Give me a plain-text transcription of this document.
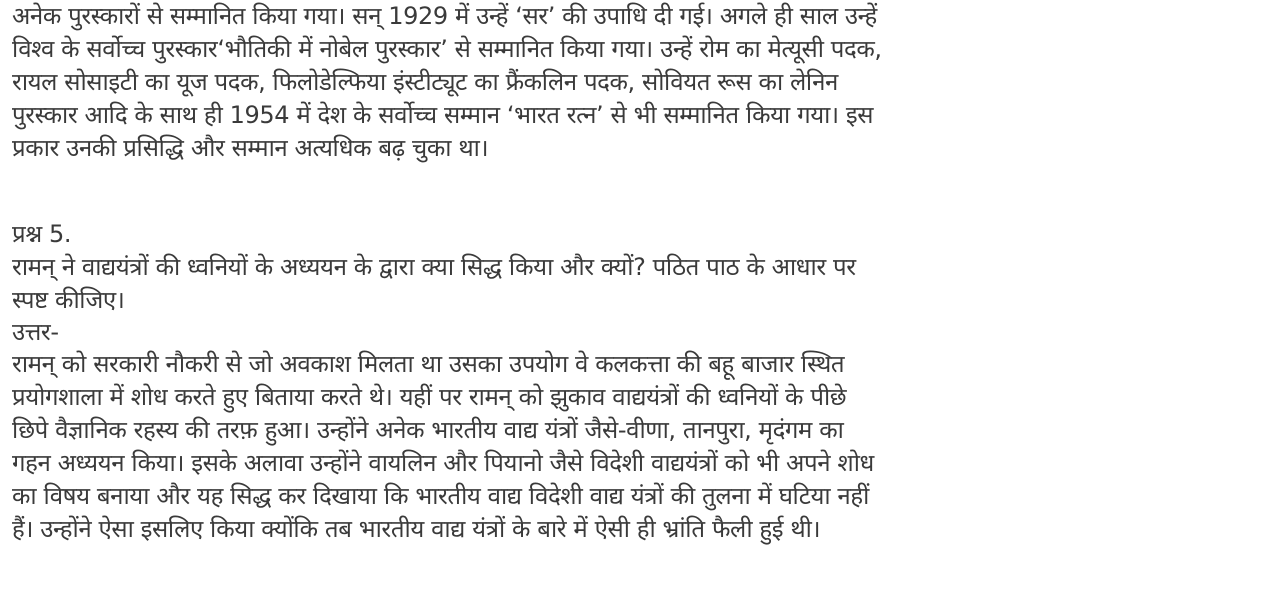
अनेक पुरस्कारों से सम्मानित किया गया। सन् 1929 में उन्हें ‘सर’ की उपाधि दी गई। अगले ही साल उन्हें
विश्व के सर्वोच्च पुरस्कार‘भौतिकी में नोबेल पुरस्कार’ से सम्मानित किया गया। उन्हें रोम का मेत्यूसी पदक,
रायल सोसाइटी का यूज पदक, फिलोडेल्फिया इंस्टीट्यूट का फ्रैंकलिन पदक, सोवियत रूस का लेनिन
पुरस्कार आदि के साथ ही 1954 में देश के सर्वोच्च सम्मान ‘भारत रत्न’ से भी सम्मानित किया गया। इस
प्रकार उनकी प्रसिद्धि और सम्मान अत्यधिक बढ़ चुका था।
प्रश्न 5.
रामन् ने वाद्ययंत्रों की ध्वनियों के अध्ययन के द्वारा क्या सिद्ध किया और क्यों? पठित पाठ के आधार पर
स्पष्ट कीजिए।
उत्तर-
रामन् को सरकारी नौकरी से जो अवकाश मिलता था उसका उपयोग वे कलकत्ता की बहू बाजार स्थित
प्रयोगशाला में शोध करते हुए बिताया करते थे। यहीं पर रामन् को झुकाव वाद्ययंत्रों की ध्वनियों के पीछे
छिपे वैज्ञानिक रहस्य की तरफ़ हुआ। उन्होंने अनेक भारतीय वाद्य यंत्रों जैसे-वीणा, तानपुरा, मृदंगम का
गहन अध्ययन किया। इसके अलावा उन्होंने वायलिन और पियानो जैसे विदेशी वाद्ययंत्रों को भी अपने शोध
का विषय बनाया और यह सिद्ध कर दिखाया कि भारतीय वाद्य विदेशी वाद्य यंत्रों की तुलना में घटिया नहीं
हैं। उन्होंने ऐसा इसलिए किया क्योंकि तब भारतीय वाद्य यंत्रों के बारे में ऐसी ही भ्रांति फैली हुई थी।
